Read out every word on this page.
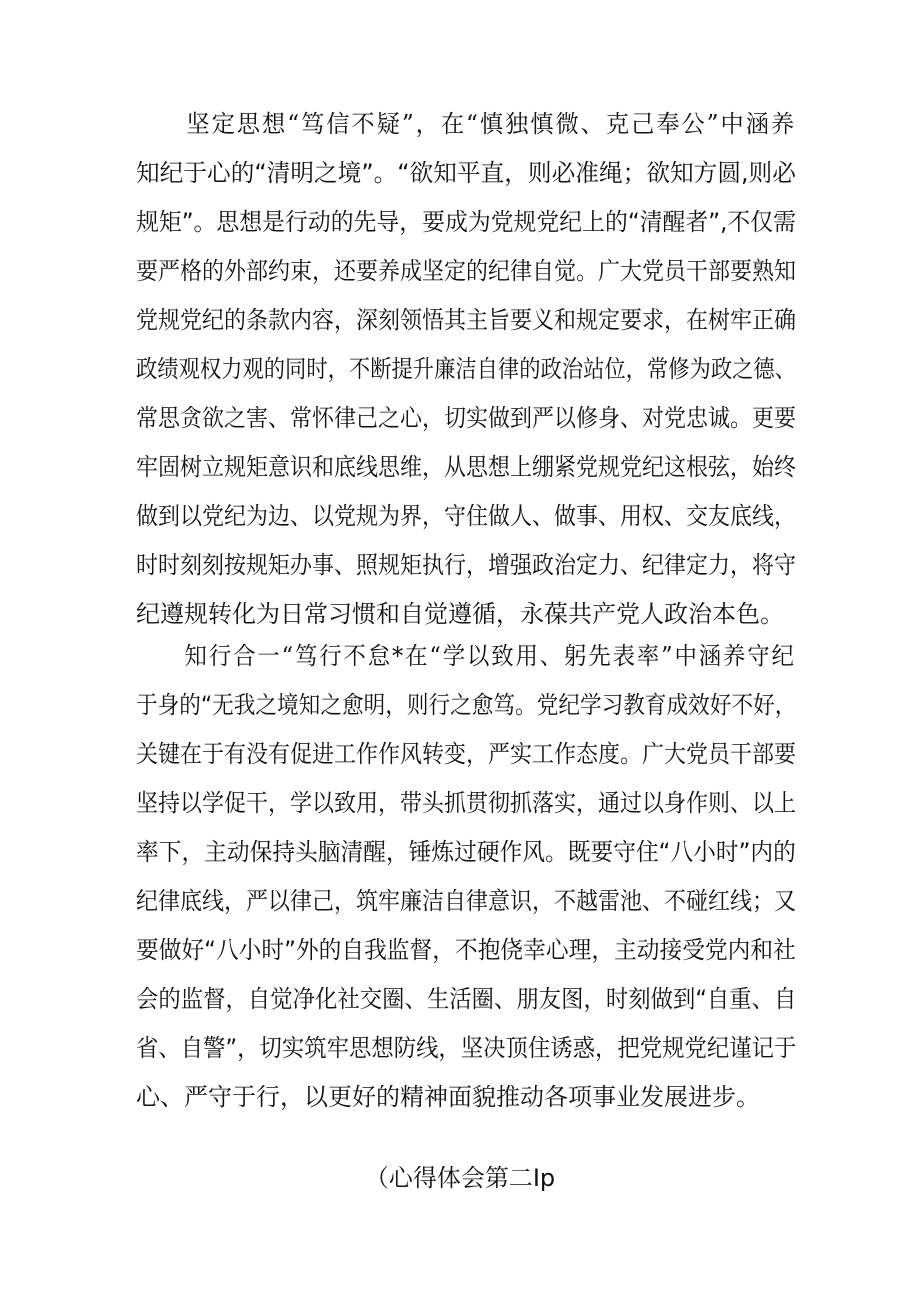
　　坚定思想“笃信不疑”，在“慎独慎微、克己奉公”中涵养
知纪于心的“清明之境”。“欲知平直，则必准绳；欲知方圆,则必
规矩”。思想是行动的先导，要成为党规党纪上的“清醒者”,不仅需
要严格的外部约束，还要养成坚定的纪律自觉。广大党员干部要熟知
党规党纪的条款内容，深刻领悟其主旨要义和规定要求，在树牢正确
政绩观权力观的同时，不断提升廉洁自律的政治站位，常修为政之德、
常思贪欲之害、常怀律己之心，切实做到严以修身、对党忠诚。更要
牢固树立规矩意识和底线思维，从思想上绷紧党规党纪这根弦，始终
做到以党纪为边、以党规为界，守住做人、做事、用权、交友底线，
时时刻刻按规矩办事、照规矩执行，增强政治定力、纪律定力，将守
纪遵规转化为日常习惯和自觉遵循，永葆共产党人政治本色。
　　知行合一“笃行不怠*在“学以致用、躬先表率”中涵养守纪
于身的“无我之境知之愈明，则行之愈笃。党纪学习教育成效好不好，
关键在于有没有促进工作作风转变，严实工作态度。广大党员干部要
坚持以学促干，学以致用，带头抓贯彻抓落实，通过以身作则、以上
率下，主动保持头脑清醒，锤炼过硬作风。既要守住“八小时”内的
纪律底线，严以律己，筑牢廉洁自律意识，不越雷池、不碰红线；又
要做好“八小时”外的自我监督，不抱侥幸心理，主动接受党内和社
会的监督，自觉净化社交圈、生活圈、朋友图，时刻做到“自重、自
省、自警”，切实筑牢思想防线，坚决顶住诱惑，把党规党纪谨记于
心、严守于行，以更好的精神面貌推动各项事业发展进步。
（心得体会第二Ip
